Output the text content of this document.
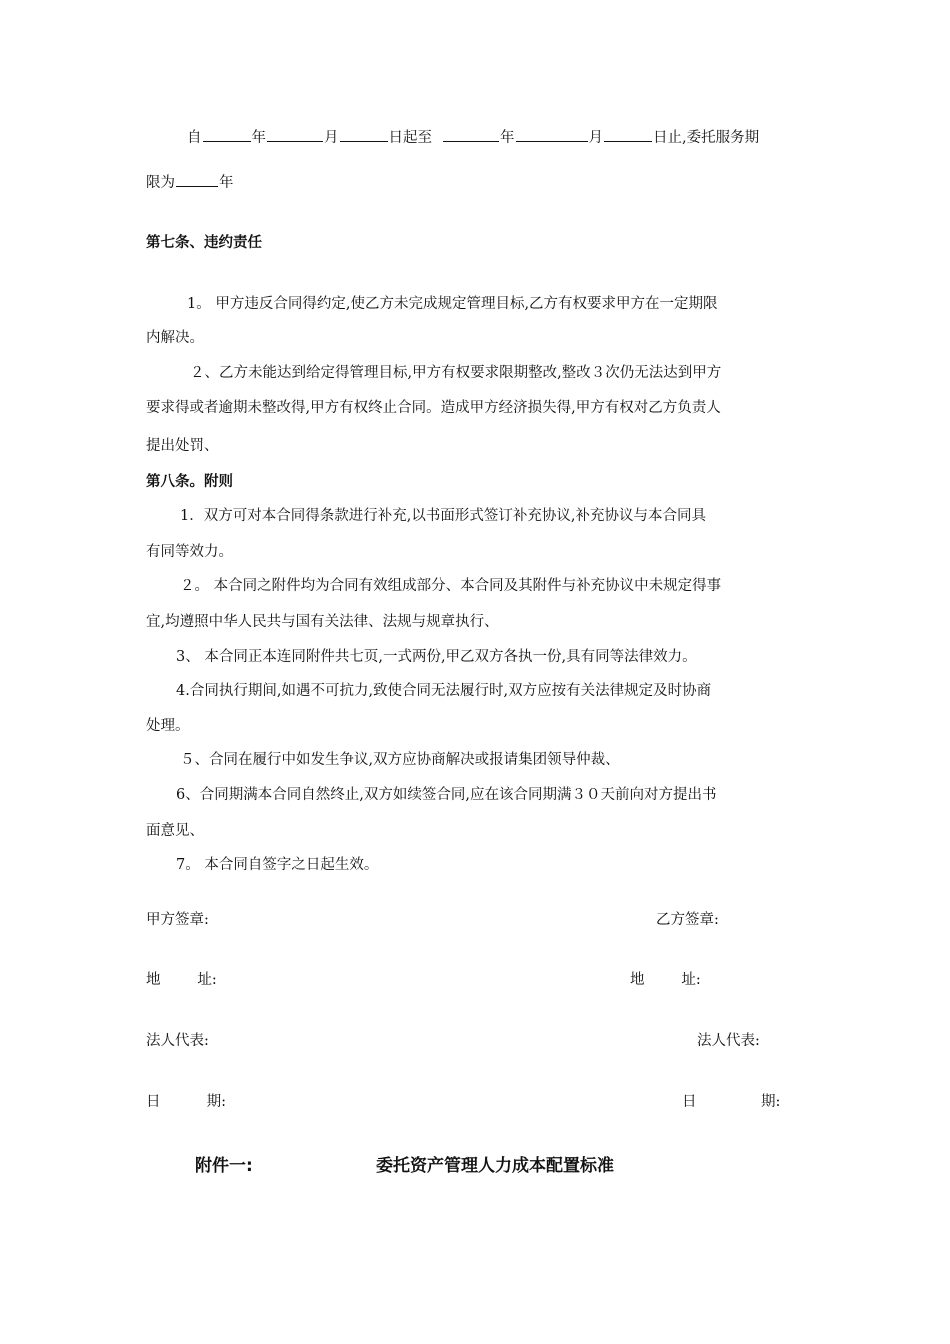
自	年	月	日起至	年	月	日止,委托服务期
限为	年
第七条、违约责任
1。 甲方违反合同得约定,使乙方未完成规定管理目标,乙方有权要求甲方在一定期限
内解决。
２、乙方未能达到给定得管理目标,甲方有权要求限期整改,整改３次仍无法达到甲方
要求得或者逾期未整改得,甲方有权终止合同。造成甲方经济损失得,甲方有权对乙方负责人
提出处罚、
第八条。附则
1．双方可对本合同得条款进行补充,以书面形式签订补充协议,补充协议与本合同具
有同等效力。
２。 本合同之附件均为合同有效组成部分、本合同及其附件与补充协议中未规定得事
宜,均遵照中华人民共与国有关法律、法规与规章执行、
3、 本合同正本连同附件共七页,一式两份,甲乙双方各执一份,具有同等法律效力。
4.合同执行期间,如遇不可抗力,致使合同无法履行时,双方应按有关法律规定及时协商
处理。
５、合同在履行中如发生争议,双方应协商解决或报请集团领导仲裁、
6、合同期满本合同自然终止,双方如续签合同,应在该合同期满３０天前向对方提出书
面意见、
7。 本合同自签字之日起生效。
甲方签章:	乙方签章:
地        址:	地        址:
法人代表:	法人代表:
日          期:	日              期:
附件一:	委托资产管理人力成本配置标准
